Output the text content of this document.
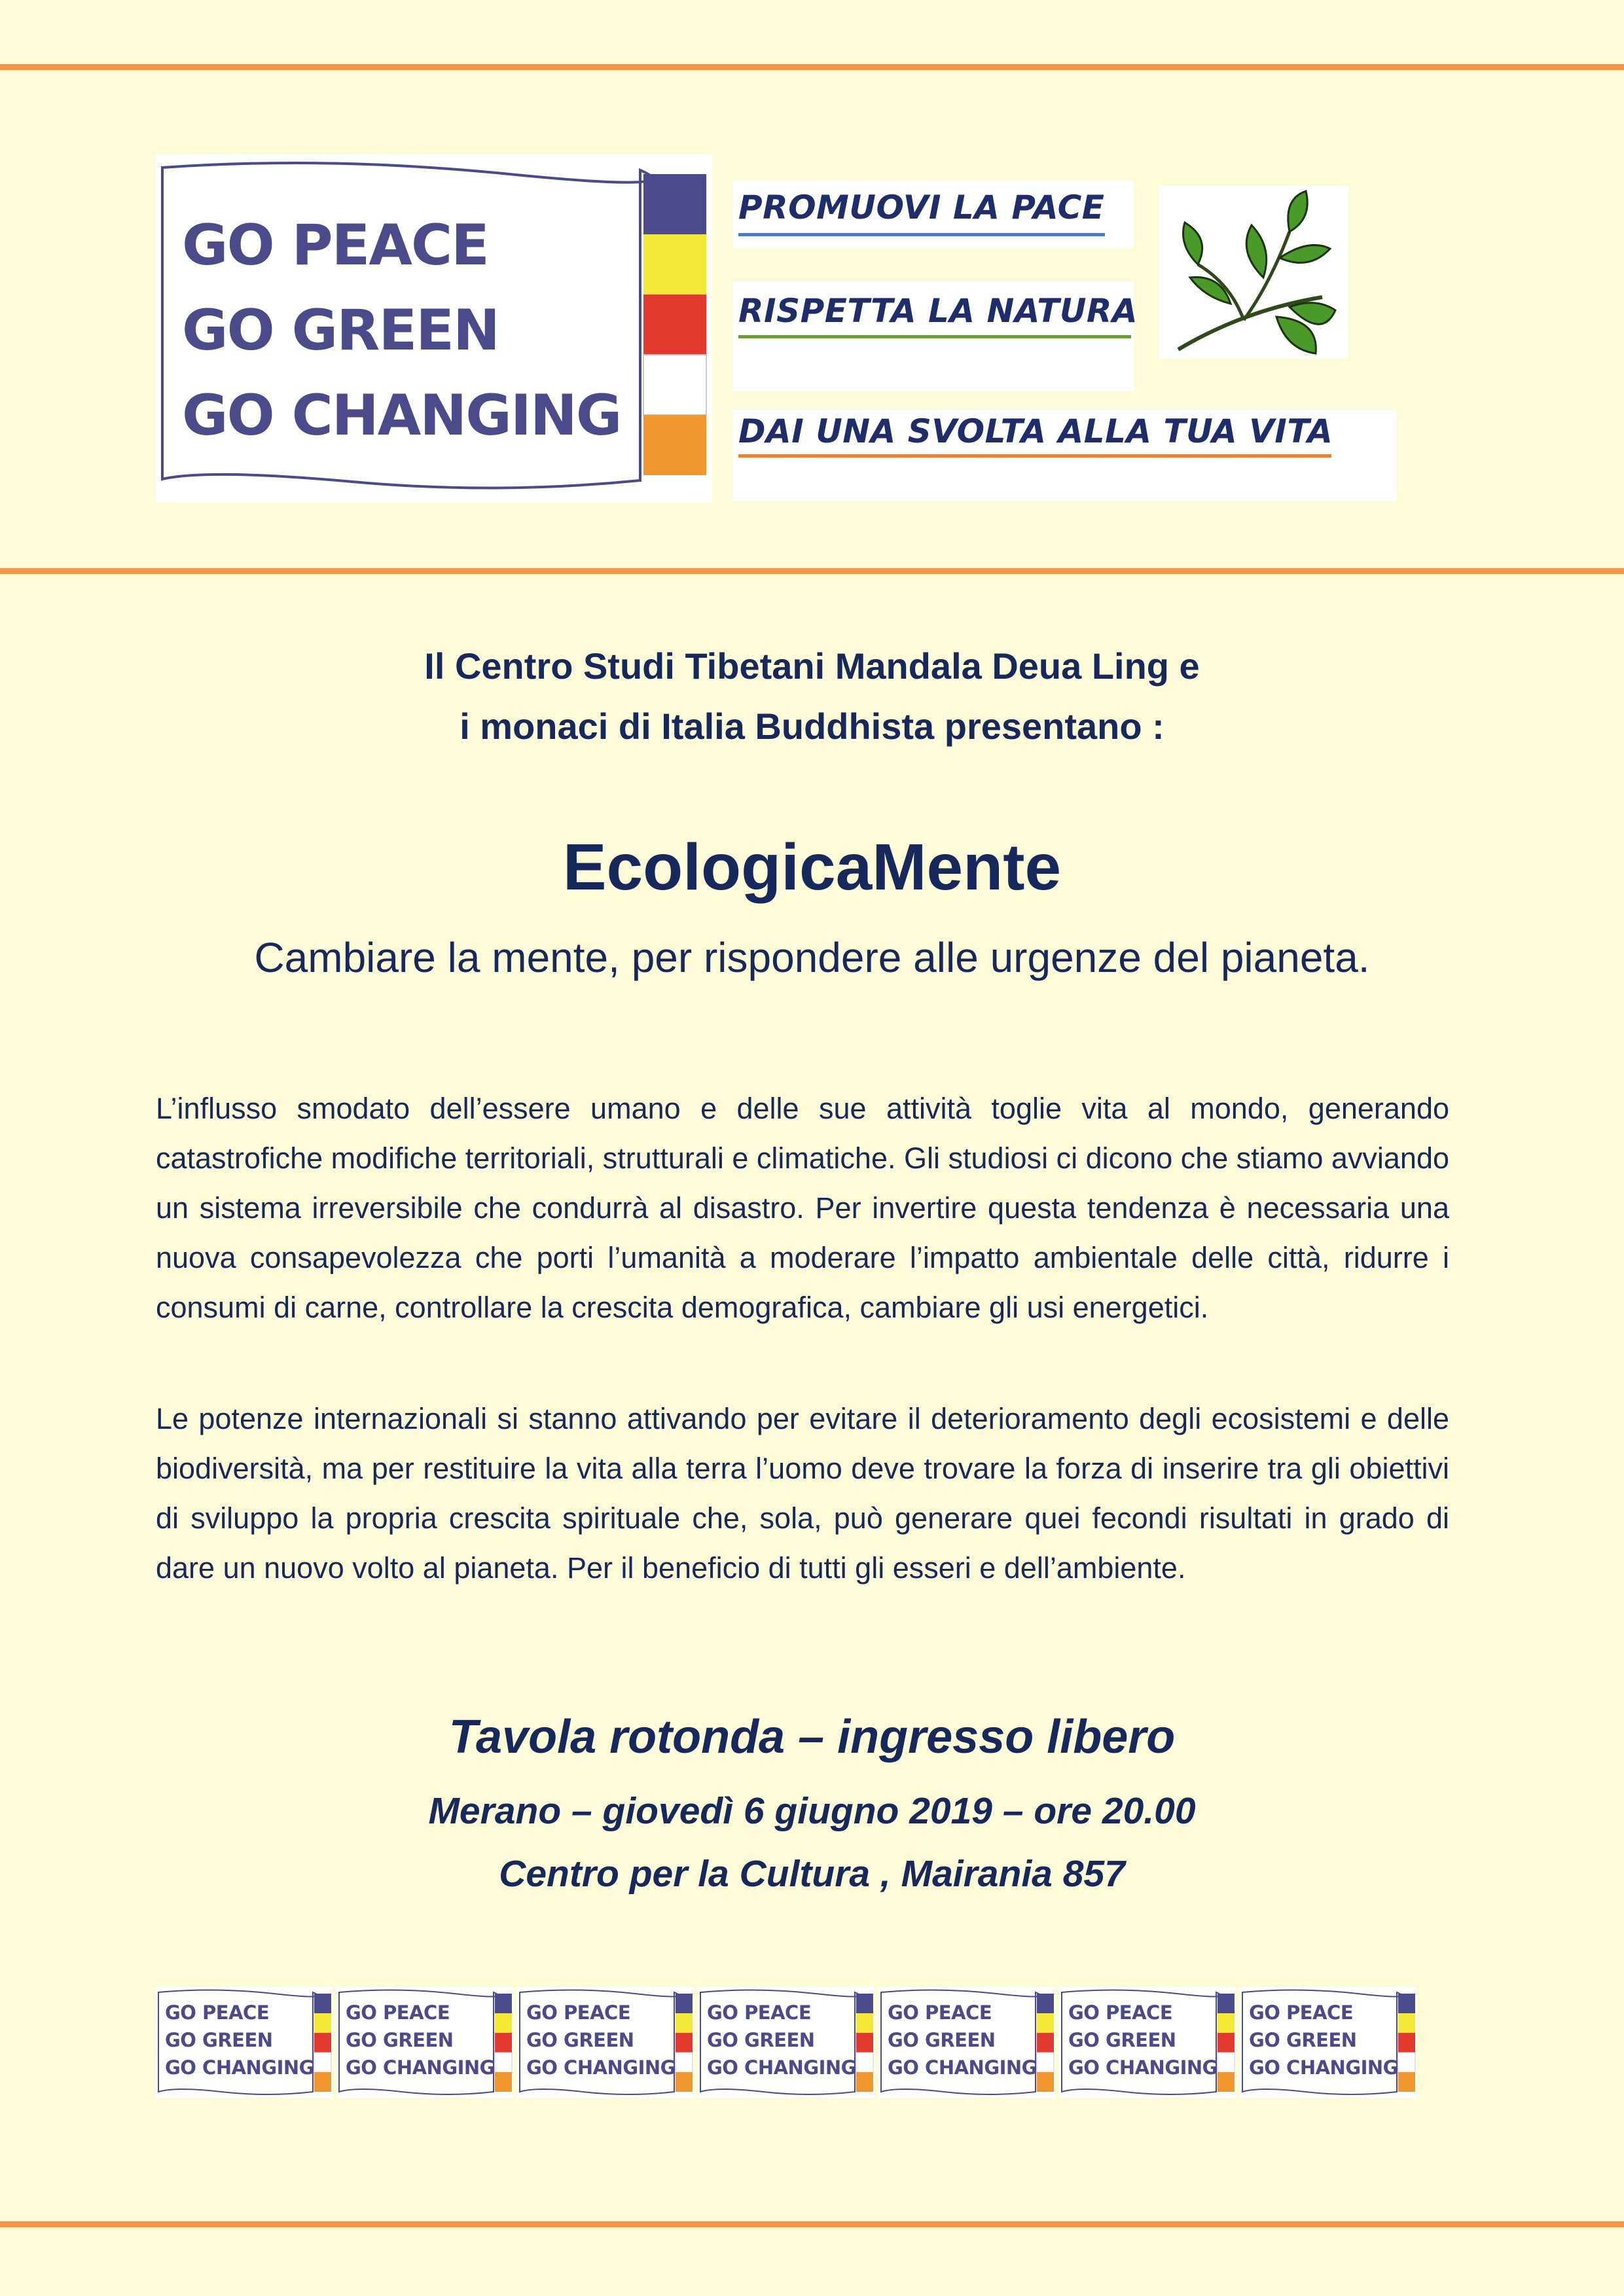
GO PEACE
GO GREEN
GO CHANGING
PROMUOVI LA PACE
RISPETTA LA NATURA
DAI UNA SVOLTA ALLA TUA VITA
Il Centro Studi Tibetani Mandala Deua Ling e
i monaci di Italia Buddhista presentano :
EcologicaMente
Cambiare la mente, per rispondere alle urgenze del pianeta.

L’influsso smodato dell’essere umano e delle sue attività toglie vita al mondo, generando catastrofiche modifiche territoriali, strutturali e climatiche. Gli studiosi ci dicono che stiamo avviando un sistema irreversibile che condurrà al disastro. Per invertire questa tendenza è necessaria una nuova consapevolezza che porti l’umanità a moderare l’impatto ambientale delle città, ridurre i consumi di carne, controllare la crescita demografica, cambiare gli usi energetici.

Le potenze internazionali si stanno attivando per evitare il deterioramento degli ecosistemi e delle biodiversità, ma per restituire la vita alla terra l’uomo deve trovare la forza di inserire tra gli obiettivi di sviluppo la propria crescita spirituale che, sola, può generare quei fecondi risultati in grado di dare un nuovo volto al pianeta. Per il beneficio di tutti gli esseri e dell’ambiente.

Tavola rotonda – ingresso libero
Merano – giovedì 6 giugno 2019 – ore 20.00
Centro per la Cultura , Mairania 857
GO PEACE
GO GREEN
GO CHANGING
GO PEACE
GO GREEN
GO CHANGING
GO PEACE
GO GREEN
GO CHANGING
GO PEACE
GO GREEN
GO CHANGING
GO PEACE
GO GREEN
GO CHANGING
GO PEACE
GO GREEN
GO CHANGING
GO PEACE
GO GREEN
GO CHANGING
